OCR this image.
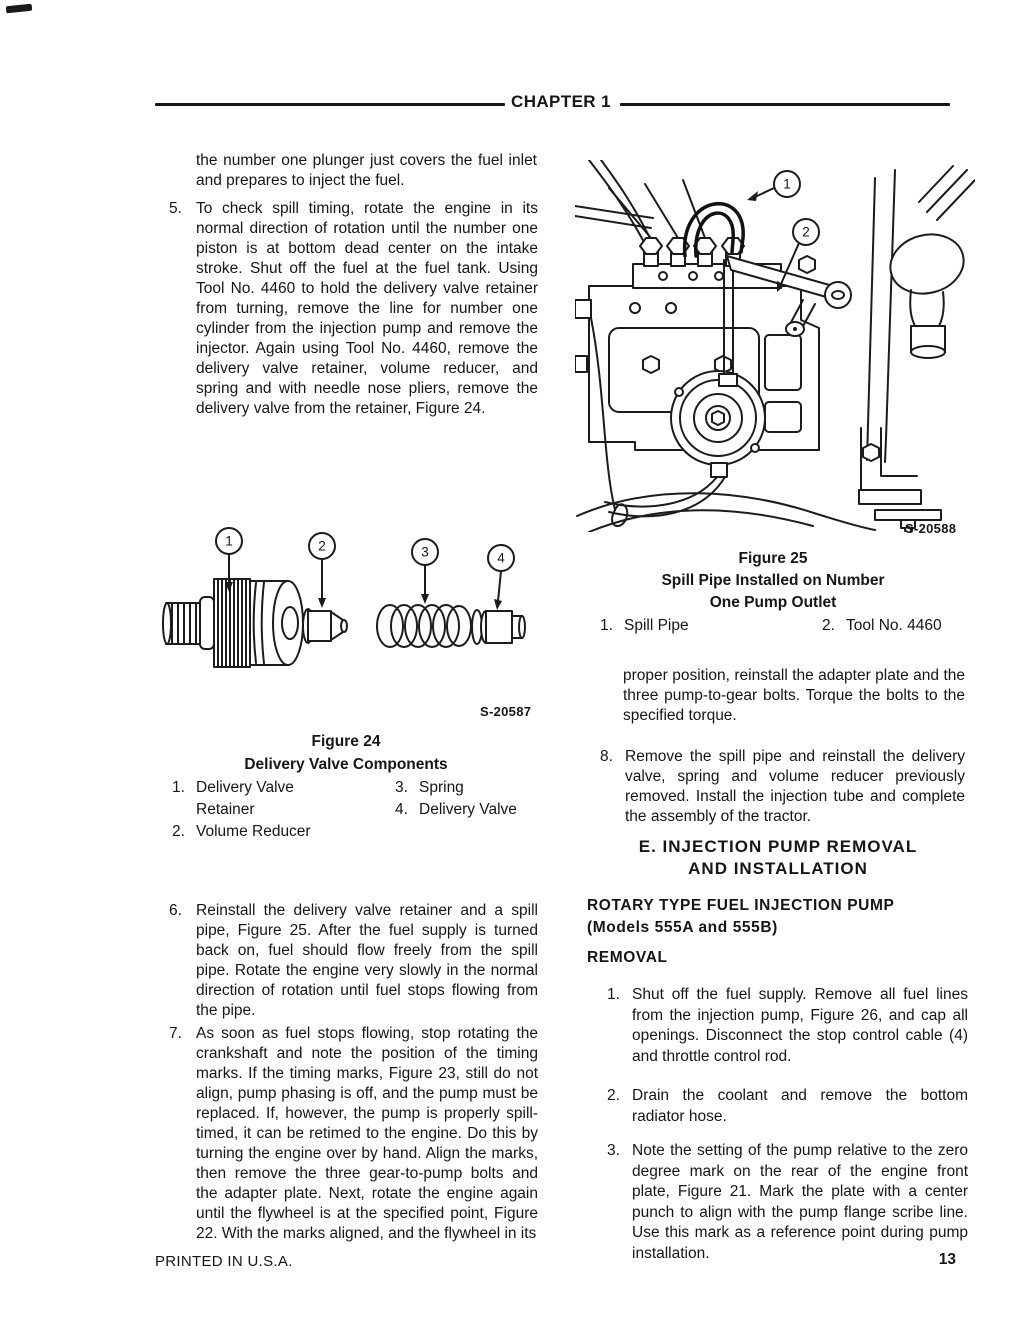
CHAPTER 1
the number one plunger just covers the fuel inlet and prepares to inject the fuel.
5. To check spill timing, rotate the engine in its normal direction of rotation until the number one piston is at bottom dead center on the intake stroke. Shut off the fuel at the fuel tank. Using Tool No. 4460 to hold the delivery valve retainer from turning, remove the line for number one cylinder from the injection pump and remove the injector. Again using Tool No. 4460, remove the delivery valve retainer, volume reducer, and spring and with needle nose pliers, remove the delivery valve from the retainer, Figure 24.
1	2	3	4
S-20587
Figure 24
Delivery Valve Components
1. Delivery Valve Retainer
2. Volume Reducer
3. Spring
4. Delivery Valve
6. Reinstall the delivery valve retainer and a spill pipe, Figure 25. After the fuel supply is turned back on, fuel should flow freely from the spill pipe. Rotate the engine very slowly in the normal direction of rotation until fuel stops flowing from the pipe.
7. As soon as fuel stops flowing, stop rotating the crankshaft and note the position of the timing marks. If the timing marks, Figure 23, still do not align, pump phasing is off, and the pump must be replaced. If, however, the pump is properly spill-timed, it can be retimed to the engine. Do this by turning the engine over by hand. Align the marks, then remove the three gear-to-pump bolts and the adapter plate. Next, rotate the engine again until the flywheel is at the specified point, Figure 22. With the marks aligned, and the flywheel in its
1
2
S-20588
Figure 25
Spill Pipe Installed on Number
One Pump Outlet
1. Spill Pipe	2. Tool No. 4460
proper position, reinstall the adapter plate and the three pump-to-gear bolts. Torque the bolts to the specified torque.
8. Remove the spill pipe and reinstall the delivery valve, spring and volume reducer previously removed. Install the injection tube and complete the assembly of the tractor.
E. INJECTION PUMP REMOVAL
AND INSTALLATION
ROTARY TYPE FUEL INJECTION PUMP
(Models 555A and 555B)
REMOVAL
1. Shut off the fuel supply. Remove all fuel lines from the injection pump, Figure 26, and cap all openings. Disconnect the stop control cable (4) and throttle control rod.
2. Drain the coolant and remove the bottom radiator hose.
3. Note the setting of the pump relative to the zero degree mark on the rear of the engine front plate, Figure 21. Mark the plate with a center punch to align with the pump flange scribe line. Use this mark as a reference point during pump installation.
PRINTED IN U.S.A.	13
